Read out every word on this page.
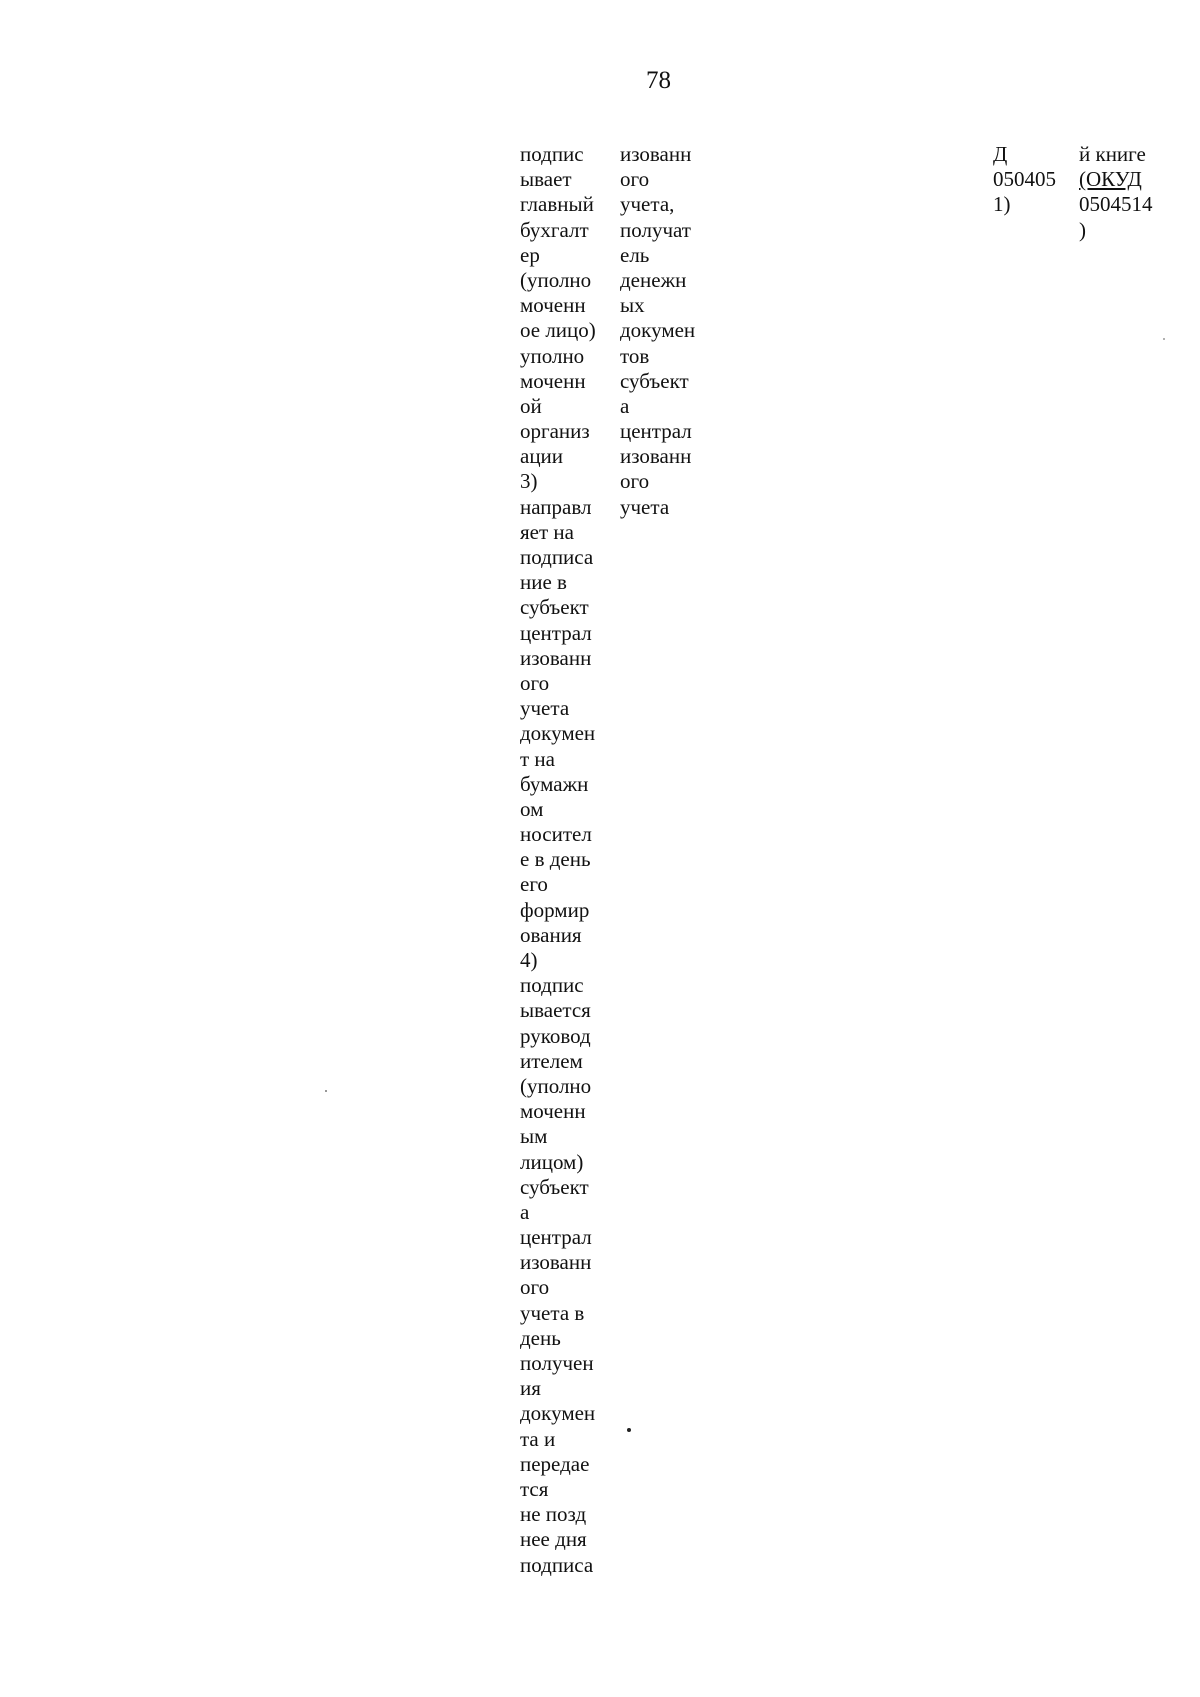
78
подпис
ывает
главный
бухгалт
ер
(уполно
моченн
ое лицо)
уполно
моченн
ой
организ
ации
3)
направл
яет на
подписа
ние в
субъект
централ
изованн
ого
учета
докумен
т на
бумажн
ом
носител
е в день
его
формир
ования
4)
подпис
ывается
руковод
ителем
(уполно
моченн
ым
лицом)
субъект
а
централ
изованн
ого
учета в
день
получен
ия
докумен
та и
передае
тся
не позд
нее дня
подписа
изованн
ого
учета,
получат
ель
денежн
ых
докумен
тов
субъект
а
централ
изованн
ого
учета
Д
050405
1)
й книге
(ОКУД
0504514
)
